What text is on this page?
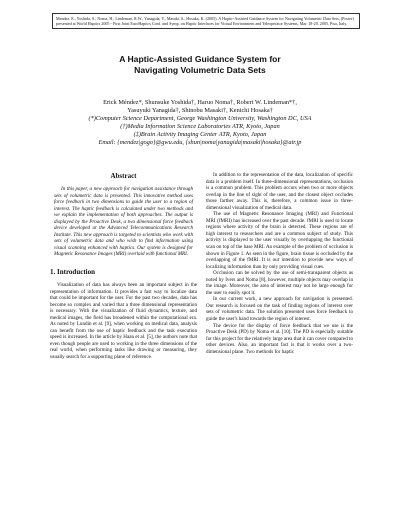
Mendez, E., Yoshida, S., Noma, H., Lindeman, R.W., Yanagida, Y., Masaki, S., Hosaka, K. (2005). A Haptic-Assisted Guidance System for Navigating Volumetric Data Sets, (Poster) presented at World Haptics 2005 - First Joint EuroHaptics Conf. and Symp. on Haptic Interfaces for Virtual Environment and Teleoperator Systems, Mar. 18-20, 2005, Pisa, Italy.
A Haptic-Assisted Guidance System for
Navigating Volumetric Data Sets
Erick Méndez*, Shunsuke Yoshida†, Haruo Noma†, Robert W. Lindeman*†,
Yasuyuki Yanagida†, Shinobu Masaki†, Kenichi Hosaka†
(*)Computer Science Department, George Washington University, Washington DC, USA
(†)Media Information Science Laboratories ATR, Kyoto, Japan
(‡)Brain Activity Imaging Center ATR, Kyoto, Japan
Email: {mendez|gogo}@gwu.edu, {shun|noma|yanagida|masaki|hosaka}@atr.jp
Abstract

In this paper, a new approach for navigation assistance through sets of volumetric data is presented. This innovative method uses force feedback in two dimensions to guide the user to a region of interest. The haptic feedback is calculated under two methods and we explain the implementation of both approaches. The output is displayed by the Proactive Desk, a two dimensional force feedback device developed at the Advanced Telecommunications Research Institute. This new approach is targeted to scientists who work with sets of volumetric data and who wish to find information using visual scanning enhanced with haptics. Our system is designed for Magnetic Resonance Images (MRI) overlaid with functional MRI.

1. Introduction

Visualization of data has always been an important subject in the representation of information. It provides a fast way to localize data that could be important for the user. For the past two decades, data has become so complex and varied that a three dimensional representation is necessary. With the visualization of fluid dynamics, texture, and medical images, the field has broadened within the computational era. As noted by Lundin et al. [9], when working on medical data, analysis can benefit from the use of haptic feedback and the task execution speed is increased. In the article by Haan et al. [5], the authors note that even though people are used to working in the three dimensions of the real world, when performing tasks like drawing or measuring, they usually search for a supporting plane of reference.

In addition to the representation of the data, localization of specific data is a problem itself. In three-dimensional representations, occlusion is a common problem. This problem occurs when two or more objects overlap in the line of sight of the user, and the closest object occludes those farther away. This is, therefore, a common issue in three-dimensional visualization of medical data.

The use of Magnetic Resonance Imaging (MRI) and Functional MRI (fMRI) has increased over the past decade. fMRI is used to locate regions where activity of the brain is detected. These regions are of high interest to researchers and are a common subject of study. This activity is displayed to the user visually by overlapping the functional scan on top of the base MRI. An example of the problem of occlusion is shown in Figure 1. As seen in the figure, brain tissue is occluded by the overlapping of the fMRI. It is our intention to provide new ways of localizing information than by only providing visual cues.

Occlusion can be solved by the use of semi-transparent objects as noted by Ivers and Noma [8], however, multiple objects may overlap in the image. Moreover, the area of interest may not be large enough for the user to easily spot it.

In our current work, a new approach for navigation is presented. Our research is focused on the task of finding regions of interest over sets of volumetric data. The solution presented uses force feedback to guide the user's hand towards the region of interest.

The device for the display of force feedback that we use is the Proactive Desk (PD) by Noma et al. [10]. The PD is especially suitable for this project for the relatively large area that it can cover compared to other devices. Also, an important fact is that it works over a two-dimensional plane. Two methods for haptic
